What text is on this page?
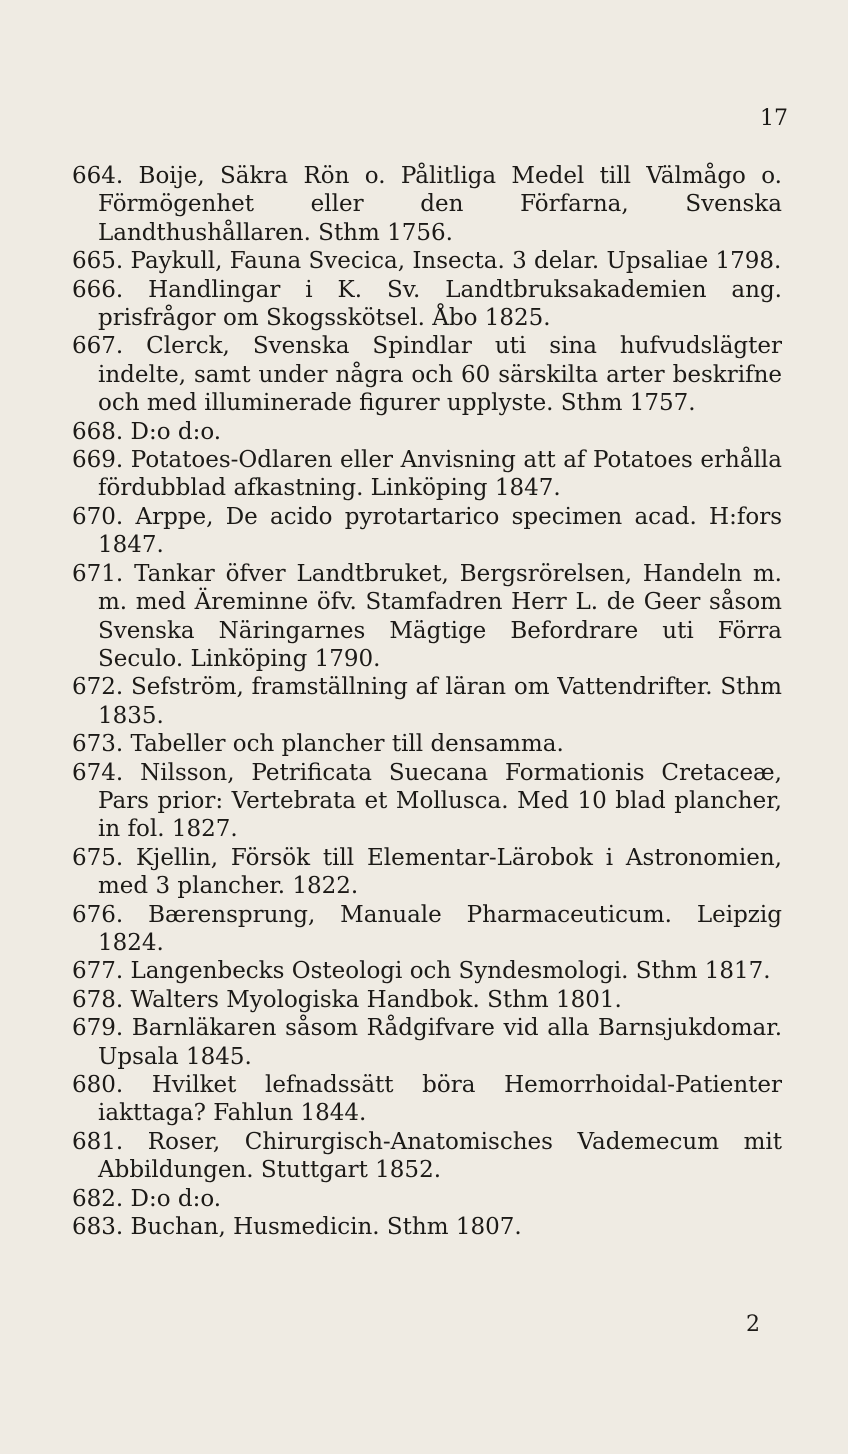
17
664. Boije, Säkra Rön o. Pålitliga Medel till Välmågo o. Förmögenhet eller den Förfarna, Svenska Landthushållaren. Sthm 1756.
665. Paykull, Fauna Svecica, Insecta. 3 delar. Upsaliae 1798.
666. Handlingar i K. Sv. Landtbruksakademien ang. prisfrågor om Skogsskötsel. Åbo 1825.
667. Clerck, Svenska Spindlar uti sina hufvudslägter indelte, samt under några och 60 särskilta arter beskrifne och med illuminerade figurer upplyste. Sthm 1757.
668. D:o d:o.
669. Potatoes-Odlaren eller Anvisning att af Potatoes erhålla fördubblad afkastning. Linköping 1847.
670. Arppe, De acido pyrotartarico specimen acad. H:fors 1847.
671. Tankar öfver Landtbruket, Bergsrörelsen, Handeln m. m. med Äreminne öfv. Stamfadren Herr L. de Geer såsom Svenska Näringarnes Mägtige Befordrare uti Förra Seculo. Linköping 1790.
672. Sefström, framställning af läran om Vattendrifter. Sthm 1835.
673. Tabeller och plancher till densamma.
674. Nilsson, Petrificata Suecana Formationis Cretaceæ, Pars prior: Vertebrata et Mollusca. Med 10 blad plancher, in fol. 1827.
675. Kjellin, Försök till Elementar-Lärobok i Astronomien, med 3 plancher. 1822.
676. Bærensprung, Manuale Pharmaceuticum. Leipzig 1824.
677. Langenbecks Osteologi och Syndesmologi. Sthm 1817.
678. Walters Myologiska Handbok. Sthm 1801.
679. Barnläkaren såsom Rådgifvare vid alla Barnsjukdomar. Upsala 1845.
680. Hvilket lefnadssätt böra Hemorrhoidal-Patienter iakttaga? Fahlun 1844.
681. Roser, Chirurgisch-Anatomisches Vademecum mit Abbildungen. Stuttgart 1852.
682. D:o d:o.
683. Buchan, Husmedicin. Sthm 1807.
2
